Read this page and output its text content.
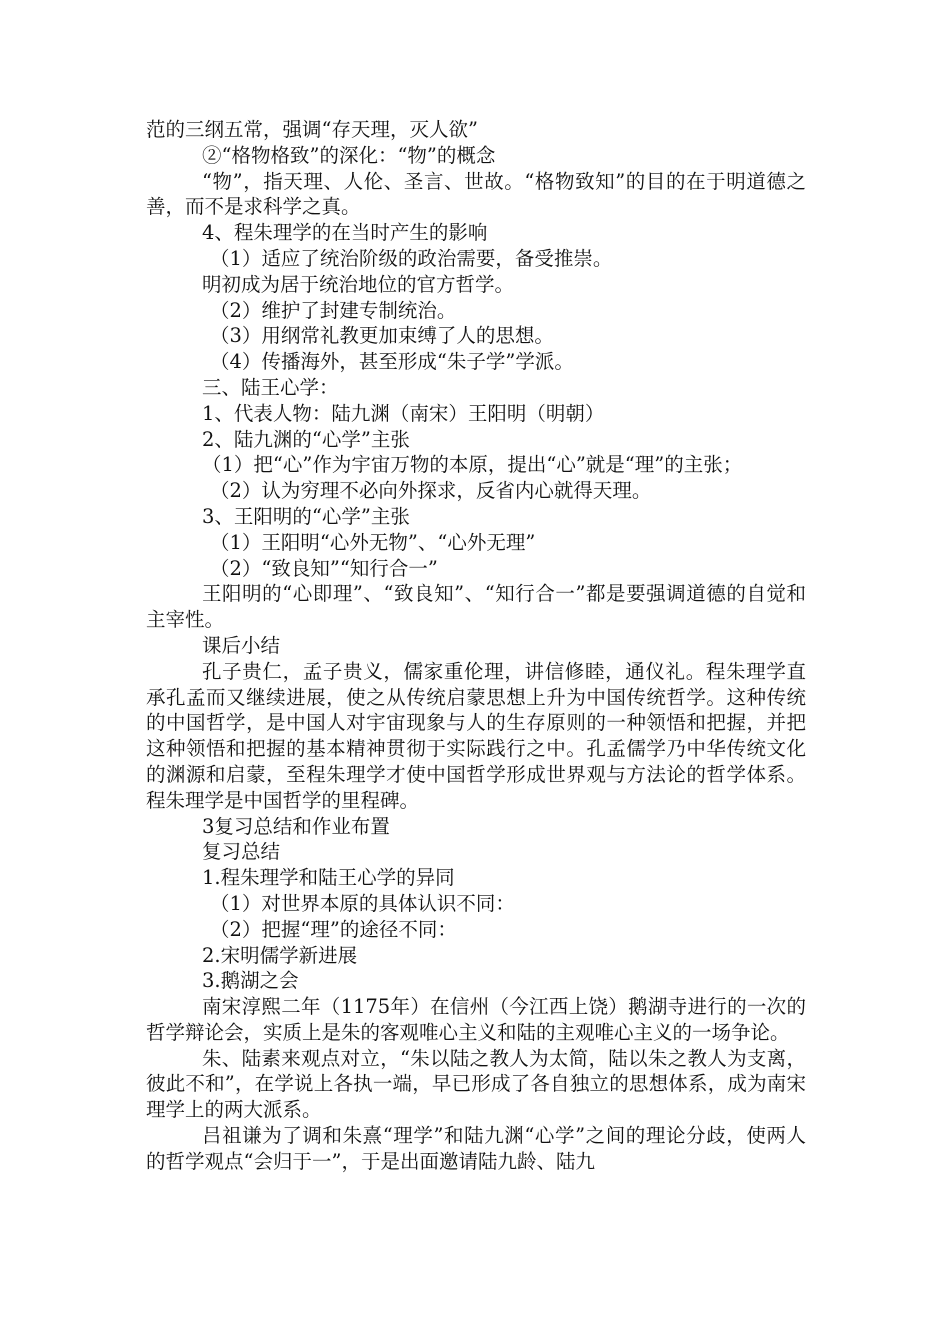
范的三纲五常，强调“存天理，灭人欲”

②“格物格致”的深化：“物”的概念

“物”，指天理、人伦、圣言、世故。“格物致知”的目的在于明道德之善，而不是求科学之真。

4、程朱理学的在当时产生的影响

（1）适应了统治阶级的政治需要，备受推崇。

明初成为居于统治地位的官方哲学。

（2）维护了封建专制统治。

（3）用纲常礼教更加束缚了人的思想。

（4）传播海外，甚至形成“朱子学”学派。

三、陆王心学：

1、代表人物：陆九渊（南宋）王阳明（明朝）

2、陆九渊的“心学”主张

（1）把“心”作为宇宙万物的本原，提出“心”就是“理”的主张；

（2）认为穷理不必向外探求，反省内心就得天理。

3、王阳明的“心学”主张

（1）王阳明“心外无物”、“心外无理”

（2）“致良知”“知行合一”

王阳明的“心即理”、“致良知”、“知行合一”都是要强调道德的自觉和主宰性。

课后小结

孔子贵仁，孟子贵义，儒家重伦理，讲信修睦，通仪礼。程朱理学直承孔孟而又继续进展，使之从传统启蒙思想上升为中国传统哲学。这种传统的中国哲学，是中国人对宇宙现象与人的生存原则的一种领悟和把握，并把这种领悟和把握的基本精神贯彻于实际践行之中。孔孟儒学乃中华传统文化的渊源和启蒙，至程朱理学才使中国哲学形成世界观与方法论的哲学体系。程朱理学是中国哲学的里程碑。

3复习总结和作业布置

复习总结

1.程朱理学和陆王心学的异同

（1）对世界本原的具体认识不同：

（2）把握“理”的途径不同：

2.宋明儒学新进展

3.鹅湖之会

南宋淳熙二年（1175年）在信州（今江西上饶）鹅湖寺进行的一次的哲学辩论会，实质上是朱的客观唯心主义和陆的主观唯心主义的一场争论。

朱、陆素来观点对立，“朱以陆之教人为太简，陆以朱之教人为支离，彼此不和”，在学说上各执一端，早已形成了各自独立的思想体系，成为南宋理学上的两大派系。

吕祖谦为了调和朱熹“理学”和陆九渊“心学”之间的理论分歧，使两人的哲学观点“会归于一”，于是出面邀请陆九龄、陆九
